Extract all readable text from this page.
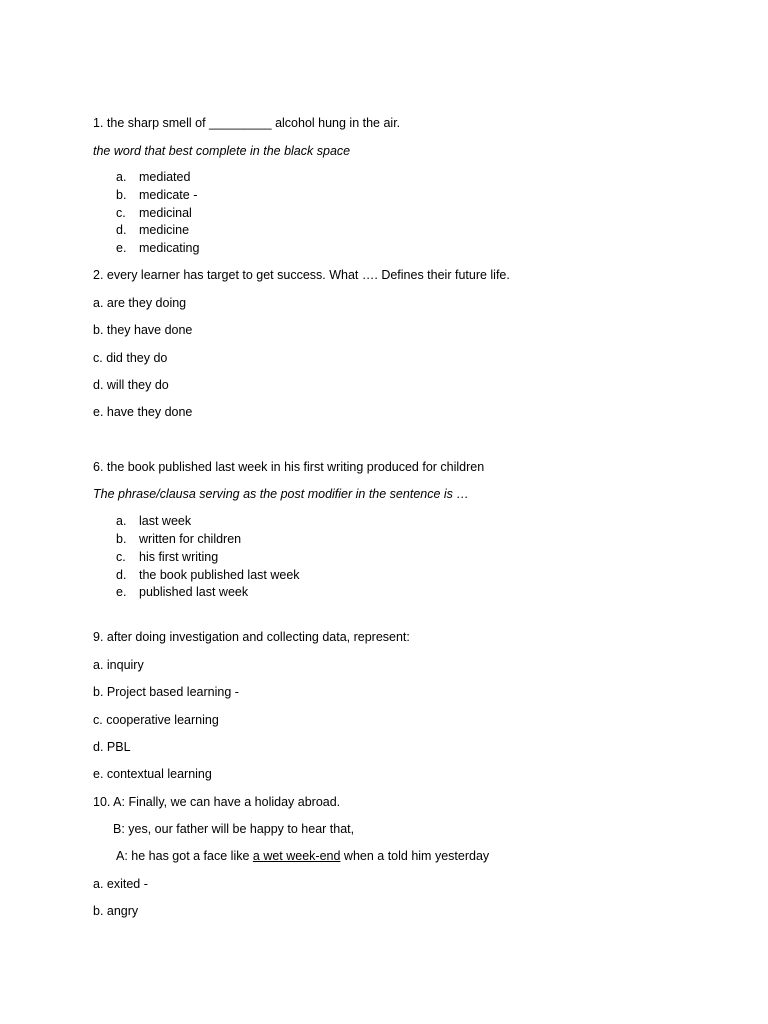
1. the sharp smell of _________ alcohol hung in the air.
the word that best complete in the black space
a. mediated
b. medicate -
c. medicinal
d. medicine
e. medicating
2. every learner has target to get success. What …. Defines their future life.
a. are they doing
b. they have done
c. did they do
d. will they do
e. have they done
6. the book published last week in his first writing produced for children
The phrase/clausa serving as the post modifier in the sentence is …
a. last week
b. written for children
c. his first writing
d. the book published last week
e. published last week
9. after doing investigation and collecting data, represent:
a. inquiry
b. Project based learning -
c. cooperative learning
d. PBL
e. contextual learning
10. A: Finally, we can have a holiday abroad.
B: yes, our father will be happy to hear that,
A: he has got a face like a wet week-end when a told him yesterday
a. exited -
b. angry
